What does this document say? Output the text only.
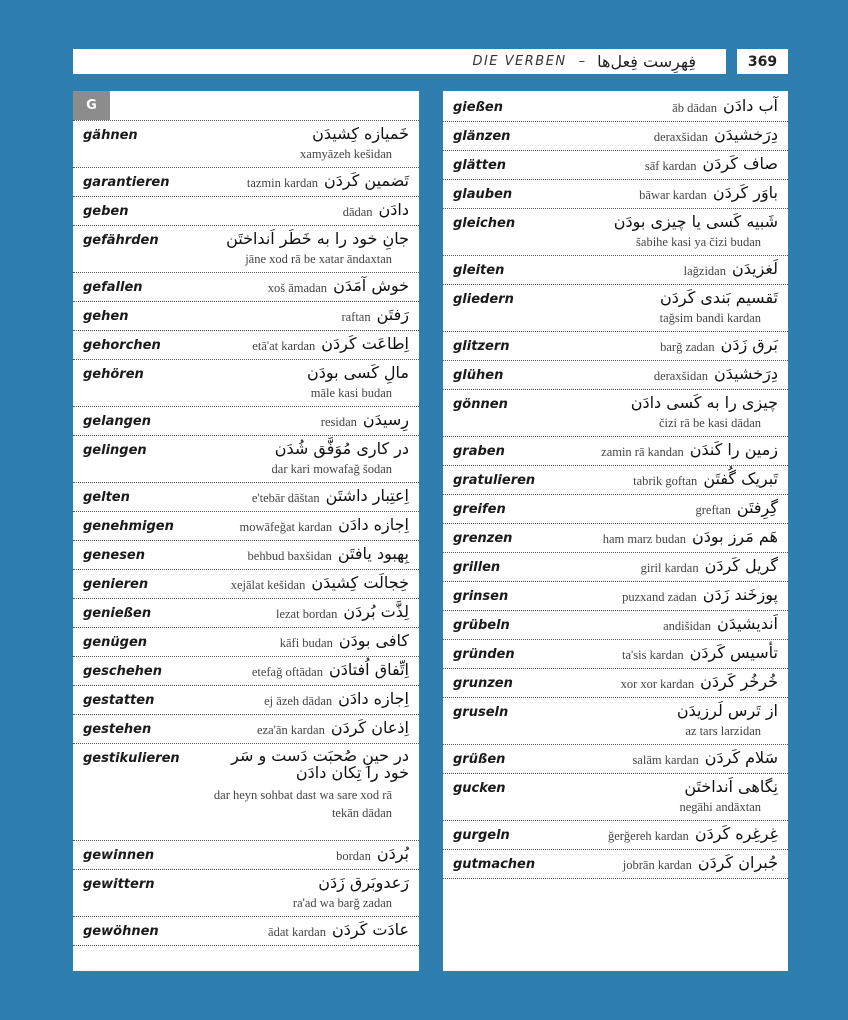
DIE VERBEN – فِهرِست فِعل‌ها	369
G
gähnen	خَمیازه کِشیدَن
xamyāzeh kešidan
garantieren	تَضمین کَردَن
tazmin kardan
geben	دادَن
dādan
gefährden	جانِ خود را به خَطَر اَنداختَن
jāne xod rā be xatar āndaxtan
gefallen	خوش آمَدَن
xoš āmadan
gehen	رَفتَن
raftan
gehorchen	اِطاعَت کَردَن
etā'at kardan
gehören	مالِ کَسی بودَن
māle kasi budan
gelangen	رِسیدَن
residan
gelingen	در کاری مُوَفَّق شُدَن
dar kari mowafağ šodan
gelten	اِعتِبار داشتَن
e'tebār dāštan
genehmigen	اِجازه دادَن
mowāfeğat kardan
genesen	بِهبود یافتَن
behbud baxšidan
genieren	خِجالَت کِشیدَن
xejālat kešidan
genießen	لِذَّت بُردَن
lezat bordan
genügen	کافی بودَن
kāfi budan
geschehen	اِتِّفاق اُفتادَن
etefağ oftādan
gestatten	اِجازه دادَن
ej āzeh dādan
gestehen	اِذعان کَردَن
ezа'ān kardan
gestikulieren	در حینِ صُحبَت دَست و سَر خود را تِکان دادَن
dar heyn sohbat dast wa sare xod rā tekān dādan
gewinnen	بُردَن
bordan
gewittern	رَعدوبَرق زَدَن
ra'ad wa barğ zadan
gewöhnen	عادَت کَردَن
ādat kardan
gießen	آب دادَن
āb dādan
glänzen	دِرَخشیدَن
deraxšidan
glätten	صاف کَردَن
sāf kardan
glauben	باوَر کَردَن
bāwar kardan
gleichen	شَبیه کَسی یا چیزی بودَن
šabihe kasi ya čizi budan
gleiten	لَغزیدَن
lağzidan
gliedern	تَقسیم بَندی کَردَن
tağsim bandi kardan
glitzern	بَرق زَدَن
barğ zadan
glühen	دِرَخشیدَن
deraxšidan
gönnen	چیزی را به کَسی دادَن
čizi rā be kasi dādan
graben	زمین را کَندَن
zamin rā kandan
gratulieren	تَبریک گُفتَن
tabrik goftan
greifen	گِرِفتَن
greftan
grenzen	هَم مَرز بودَن
ham marz budan
grillen	گریل کَردَن
giril kardan
grinsen	پوزخَند زَدَن
puzxand zadan
grübeln	اَندیشیدَن
andišidan
gründen	تأسیس کَردَن
ta'sis kardan
grunzen	خُرخُر کَردَن
xor xor kardan
gruseln	از تَرس لَرزیدَن
az tars larzidan
grüßen	سَلام کَردَن
salām kardan
gucken	نِگاهی اَنداختَن
negāhi andāxtan
gurgeln	غِرغِره کَردَن
ğerğereh kardan
gutmachen	جُبران کَردَن
jobrān kardan
